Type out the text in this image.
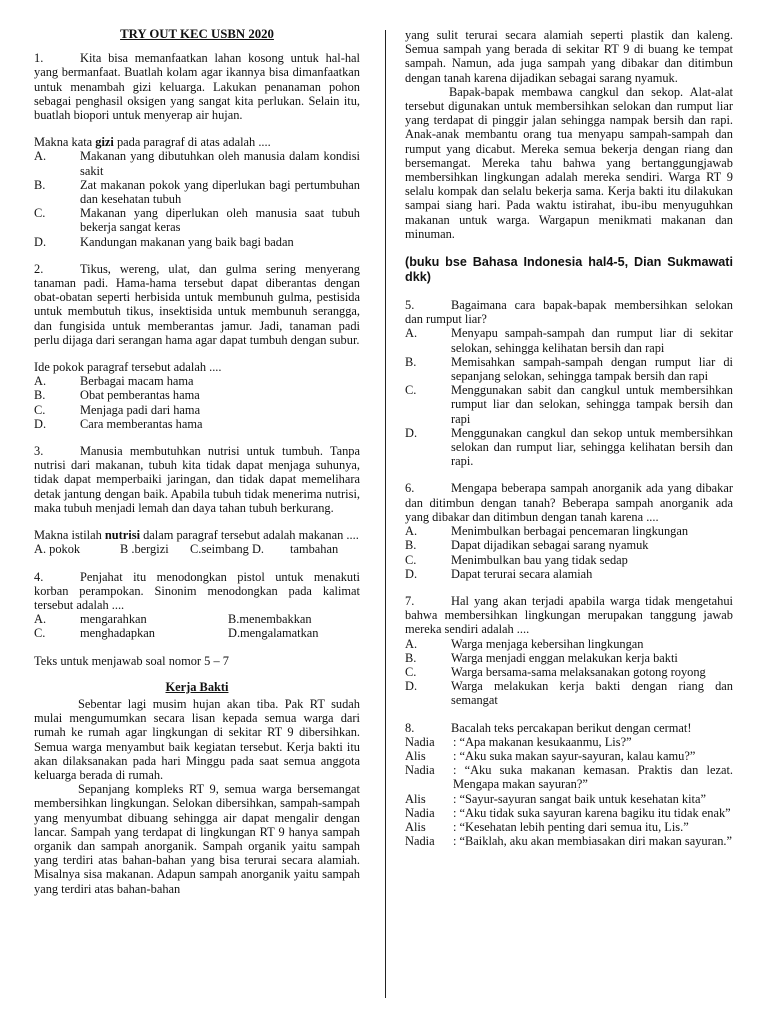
TRY OUT KEC USBN 2020

1.	Kita bisa memanfaatkan lahan kosong untuk hal-hal yang bermanfaat. Buatlah kolam agar ikannya bisa dimanfaatkan untuk menambah gizi keluarga. Lakukan penanaman pohon sebagai penghasil oksigen yang sangat kita perlukan. Selain itu, buatlah biopori untuk menyerap air hujan.

Makna kata gizi pada paragraf di atas adalah ....

A.	Makanan yang dibutuhkan oleh manusia dalam kondisi sakit
B.	Zat makanan pokok yang diperlukan bagi pertumbuhan dan kesehatan tubuh
C.	Makanan yang diperlukan oleh manusia saat tubuh bekerja sangat keras
D.	Kandungan makanan yang baik bagi badan

2.	Tikus, wereng, ulat, dan gulma sering menyerang tanaman padi. Hama-hama tersebut dapat diberantas dengan obat-obatan seperti herbisida untuk membunuh gulma, pestisida untuk membutuh tikus, insektisida untuk membunuh serangga, dan fungisida untuk memberantas jamur. Jadi, tanaman padi perlu dijaga dari serangan hama agar dapat tumbuh dengan subur.

Ide pokok paragraf tersebut adalah ....

A.	Berbagai macam hama
B.	Obat pemberantas hama
C.	Menjaga padi dari hama
D.	Cara memberantas hama

3.	Manusia membutuhkan nutrisi untuk tumbuh. Tanpa nutrisi dari makanan, tubuh kita tidak dapat menjaga suhunya, tidak dapat memperbaiki jaringan, dan tidak dapat memelihara detak jantung dengan baik. Apabila tubuh tidak menerima nutrisi, maka tubuh menjadi lemah dan daya tahan tubuh berkurang.

Makna istilah nutrisi dalam paragraf tersebut adalah makanan ....

A. pokok	B .bergizi	C.seimbang D.	tambahan

4.	Penjahat itu menodongkan pistol untuk menakuti korban perampokan. Sinonim menodongkan pada kalimat tersebut adalah ....

A.	mengarahkan	B. menembakkan
C.	menghadapkan	D. mengalamatkan

Teks untuk menjawab soal nomor 5 – 7

Kerja Bakti

Sebentar lagi musim hujan akan tiba. Pak RT sudah mulai mengumumkan secara lisan kepada semua warga dari rumah ke rumah agar lingkungan di sekitar RT 9 dibersihkan. Semua warga menyambut baik kegiatan tersebut. Kerja bakti itu akan dilaksanakan pada hari Minggu pada saat semua anggota keluarga berada di rumah.

Sepanjang kompleks RT 9, semua warga bersemangat membersihkan lingkungan. Selokan dibersihkan, sampah-sampah yang menyumbat dibuang sehingga air dapat mengalir dengan lancar. Sampah yang terdapat di lingkungan RT 9 hanya sampah organik dan sampah anorganik. Sampah organik yaitu sampah yang terdiri atas bahan-bahan yang bisa terurai secara alamiah. Misalnya sisa makanan. Adapun sampah anorganik yaitu sampah yang terdiri atas bahan-bahan

yang sulit terurai secara alamiah seperti plastik dan kaleng. Semua sampah yang berada di sekitar RT 9 di buang ke tempat sampah. Namun, ada juga sampah yang dibakar dan ditimbun dengan tanah karena dijadikan sebagai sarang nyamuk.

Bapak-bapak membawa cangkul dan sekop. Alat-alat tersebut digunakan untuk membersihkan selokan dan rumput liar yang terdapat di pinggir jalan sehingga nampak bersih dan rapi. Anak-anak membantu orang tua menyapu sampah-sampah dan rumput yang dicabut. Mereka semua bekerja dengan riang dan bersemangat. Mereka tahu bahwa yang bertanggungjawab membersihkan lingkungan adalah mereka sendiri. Warga RT 9 selalu kompak dan selalu bekerja sama. Kerja bakti itu dilakukan sampai siang hari. Pada waktu istirahat, ibu-ibu menyuguhkan makanan untuk warga. Wargapun menikmati makanan dan minuman.

(buku bse Bahasa Indonesia hal4-5, Dian Sukmawati dkk)

5.	Bagaimana cara bapak-bapak membersihkan selokan dan rumput liar?

A.	Menyapu sampah-sampah dan rumput liar di sekitar selokan, sehingga kelihatan bersih dan rapi
B.	Memisahkan sampah-sampah dengan rumput liar di sepanjang selokan, sehingga tampak bersih dan rapi
C.	Menggunakan sabit dan cangkul untuk membersihkan rumput liar dan selokan, sehingga tampak bersih dan rapi
D.	Menggunakan cangkul dan sekop untuk membersihkan selokan dan rumput liar, sehingga kelihatan bersih dan rapi.

6.	Mengapa beberapa sampah anorganik ada yang dibakar dan ditimbun dengan tanah? Beberapa sampah anorganik ada yang dibakar dan ditimbun dengan tanah karena ....

A.	Menimbulkan berbagai pencemaran lingkungan
B.	Dapat dijadikan sebagai sarang nyamuk
C.	Menimbulkan bau yang tidak sedap
D.	Dapat terurai secara alamiah

7.	Hal yang akan terjadi apabila warga tidak mengetahui bahwa membersihkan lingkungan merupakan tanggung jawab mereka sendiri adalah ....

A.	Warga menjaga kebersihan lingkungan
B.	Warga menjadi enggan melakukan kerja bakti
C.	Warga bersama-sama melaksanakan gotong royong
D.	Warga melakukan kerja bakti dengan riang dan semangat

8.	Bacalah teks percakapan berikut dengan cermat!

Nadia	: “Apa makanan kesukaanmu, Lis?”
Alis	: “Aku suka makan sayur-sayuran, kalau kamu?”
Nadia	: “Aku suka makanan kemasan. Praktis dan lezat. Mengapa makan sayuran?”
Alis	: “Sayur-sayuran sangat baik untuk kesehatan kita”
Nadia	: “Aku tidak suka sayuran karena bagiku itu tidak enak”
Alis	: “Kesehatan lebih penting dari semua itu, Lis.”
Nadia	: “Baiklah, aku akan membiasakan diri makan sayuran.”
